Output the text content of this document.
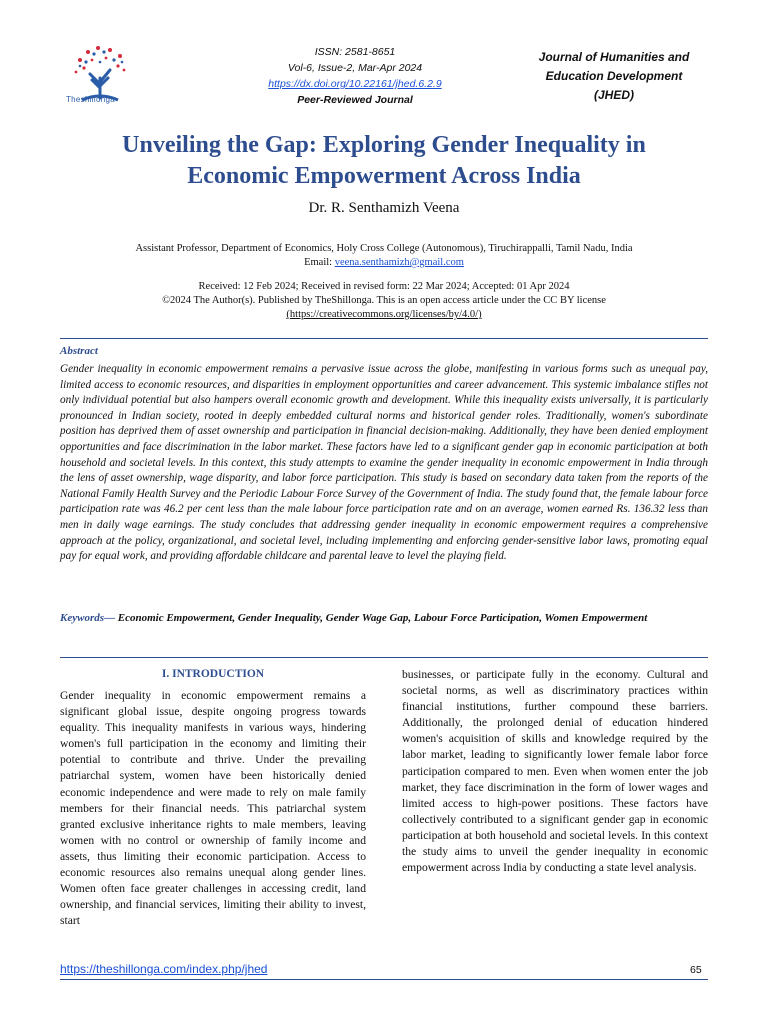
Theshillonga
ISSN: 2581-8651
Vol-6, Issue-2, Mar-Apr 2024
https://dx.doi.org/10.22161/jhed.6.2.9
Peer-Reviewed Journal
Journal of Humanities and
Education Development
(JHED)
Unveiling the Gap: Exploring Gender Inequality in
Economic Empowerment Across India
Dr. R. Senthamizh Veena
Assistant Professor, Department of Economics, Holy Cross College (Autonomous), Tiruchirappalli, Tamil Nadu, India
Email: veena.senthamizh@gmail.com
Received: 12 Feb 2024; Received in revised form: 22 Mar 2024; Accepted: 01 Apr 2024
©2024 The Author(s). Published by TheShillonga. This is an open access article under the CC BY license
(https://creativecommons.org/licenses/by/4.0/)
Abstract
Gender inequality in economic empowerment remains a pervasive issue across the globe, manifesting in various forms such as unequal pay, limited access to economic resources, and disparities in employment opportunities and career advancement. This systemic imbalance stifles not only individual potential but also hampers overall economic growth and development. While this inequality exists universally, it is particularly pronounced in Indian society, rooted in deeply embedded cultural norms and historical gender roles. Traditionally, women's subordinate position has deprived them of asset ownership and participation in financial decision-making. Additionally, they have been denied employment opportunities and face discrimination in the labor market. These factors have led to a significant gender gap in economic participation at both household and societal levels. In this context, this study attempts to examine the gender inequality in economic empowerment in India through the lens of asset ownership, wage disparity, and labor force participation. This study is based on secondary data taken from the reports of the National Family Health Survey and the Periodic Labour Force Survey of the Government of India. The study found that, the female labour force participation rate was 46.2 per cent less than the male labour force participation rate and on an average, women earned Rs. 136.32 less than men in daily wage earnings. The study concludes that addressing gender inequality in economic empowerment requires a comprehensive approach at the policy, organizational, and societal level, including implementing and enforcing gender-sensitive labor laws, promoting equal pay for equal work, and providing affordable childcare and parental leave to level the playing field.
Keywords— Economic Empowerment, Gender Inequality, Gender Wage Gap, Labour Force Participation, Women Empowerment
I. INTRODUCTION
Gender inequality in economic empowerment remains a significant global issue, despite ongoing progress towards equality. This inequality manifests in various ways, hindering women's full participation in the economy and limiting their potential to contribute and thrive. Under the prevailing patriarchal system, women have been historically denied economic independence and were made to rely on male family members for their financial needs. This patriarchal system granted exclusive inheritance rights to male members, leaving women with no control or ownership of family income and assets, thus limiting their economic participation. Access to economic resources also remains unequal along gender lines. Women often face greater challenges in accessing credit, land ownership, and financial services, limiting their ability to invest, start
businesses, or participate fully in the economy. Cultural and societal norms, as well as discriminatory practices within financial institutions, further compound these barriers. Additionally, the prolonged denial of education hindered women's acquisition of skills and knowledge required by the labor market, leading to significantly lower female labor force participation compared to men. Even when women enter the job market, they face discrimination in the form of lower wages and limited access to high-power positions. These factors have collectively contributed to a significant gender gap in economic participation at both household and societal levels. In this context the study aims to unveil the gender inequality in economic empowerment across India by conducting a state level analysis.
https://theshillonga.com/index.php/jhed	65
